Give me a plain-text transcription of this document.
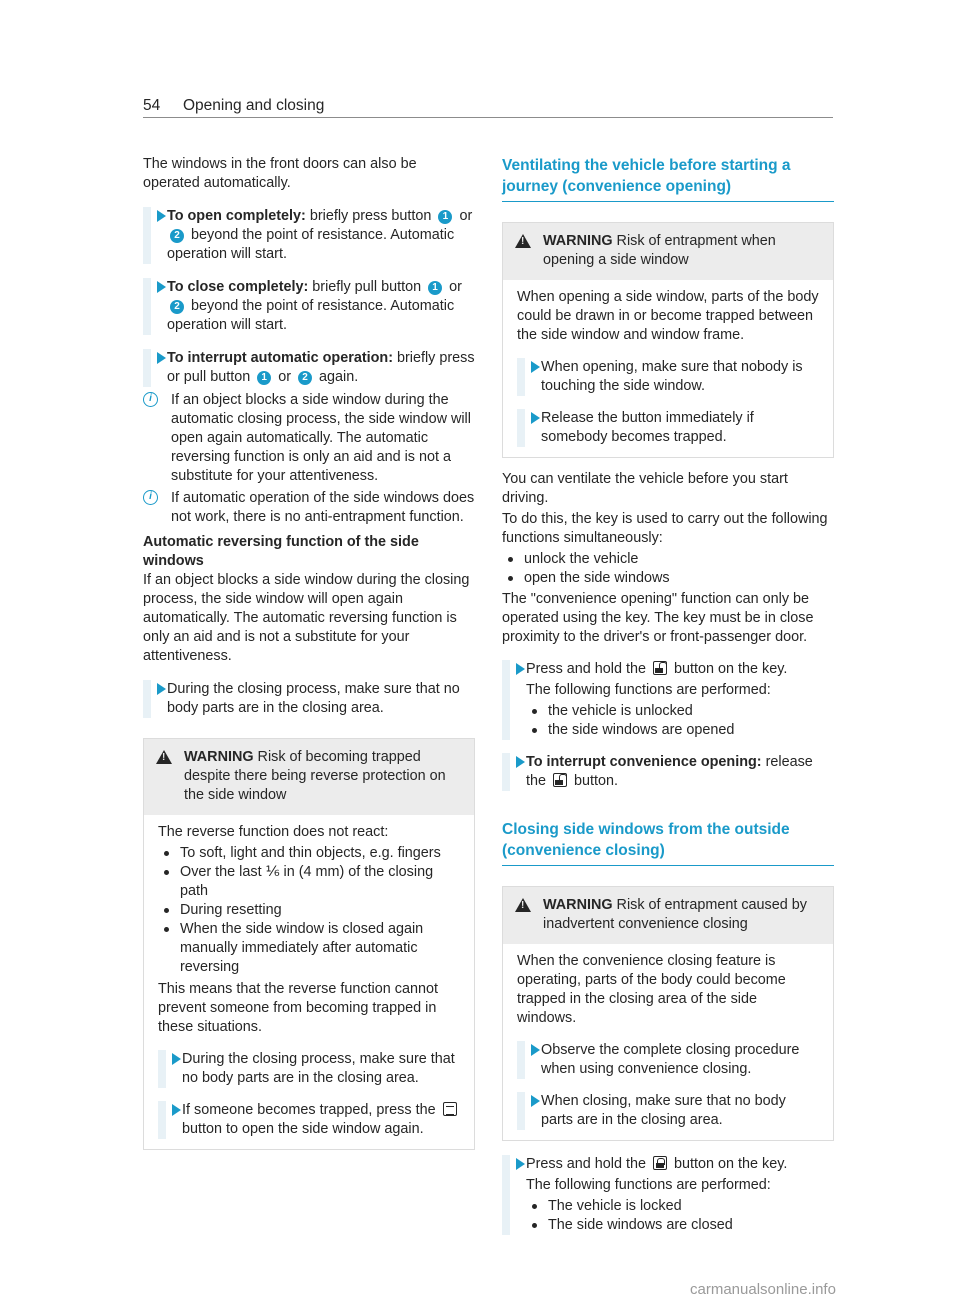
54 Opening and closing

The windows in the front doors can also be operated automatically.

To open completely: briefly press button 1 or 2 beyond the point of resistance. Automatic operation will start.
To close completely: briefly pull button 1 or 2 beyond the point of resistance. Automatic operation will start.
To interrupt automatic operation: briefly press or pull button 1 or 2 again.
i	If an object blocks a side window during the automatic closing process, the side window will open again automatically. The automatic reversing function is only an aid and is not a substitute for your attentiveness.

i	If automatic operation of the side windows does not work, there is no anti-entrapment function.

Automatic reversing function of the side windows

If an object blocks a side window during the closing process, the side window will open again automatically. The automatic reversing function is only an aid and is not a substitute for your attentiveness.

During the closing process, make sure that no body parts are in the closing area.

!
WARNING Risk of becoming trapped despite there being reverse protection on the side window

The reverse function does not react:

To soft, light and thin objects, e.g. fingers
Over the last ⅙ in (4 mm) of the closing path
During resetting
When the side window is closed again manually immediately after automatic reversing

This means that the reverse function cannot prevent someone from becoming trapped in these situations.

During the closing process, make sure that no body parts are in the closing area.

If someone becomes trapped, press the  button to open the side window again.

Ventilating the vehicle before starting a journey (convenience opening)

!
WARNING Risk of entrapment when opening a side window

When opening a side window, parts of the body could be drawn in or become trapped between the side window and window frame.

When opening, make sure that nobody is touching the side window.

Release the button immediately if somebody becomes trapped.

You can ventilate the vehicle before you start driving.

To do this, the key is used to carry out the following functions simultaneously:

unlock the vehicle
open the side windows

The "convenience opening" function can only be operated using the key. The key must be in close proximity to the driver's or front-passenger door.

Press and hold the  button on the key.

The following functions are performed:

the vehicle is unlocked
the side windows are opened
To interrupt convenience opening: release the  button.

Closing side windows from the outside (convenience closing)

!
WARNING Risk of entrapment caused by inadvertent convenience closing

When the convenience closing feature is operating, parts of the body could become trapped in the closing area of the side windows.

Observe the complete closing procedure when using convenience closing.

When closing, make sure that no body parts are in the closing area.

Press and hold the  button on the key.

The following functions are performed:

The vehicle is locked
The side windows are closed
carmanualsonline.info
